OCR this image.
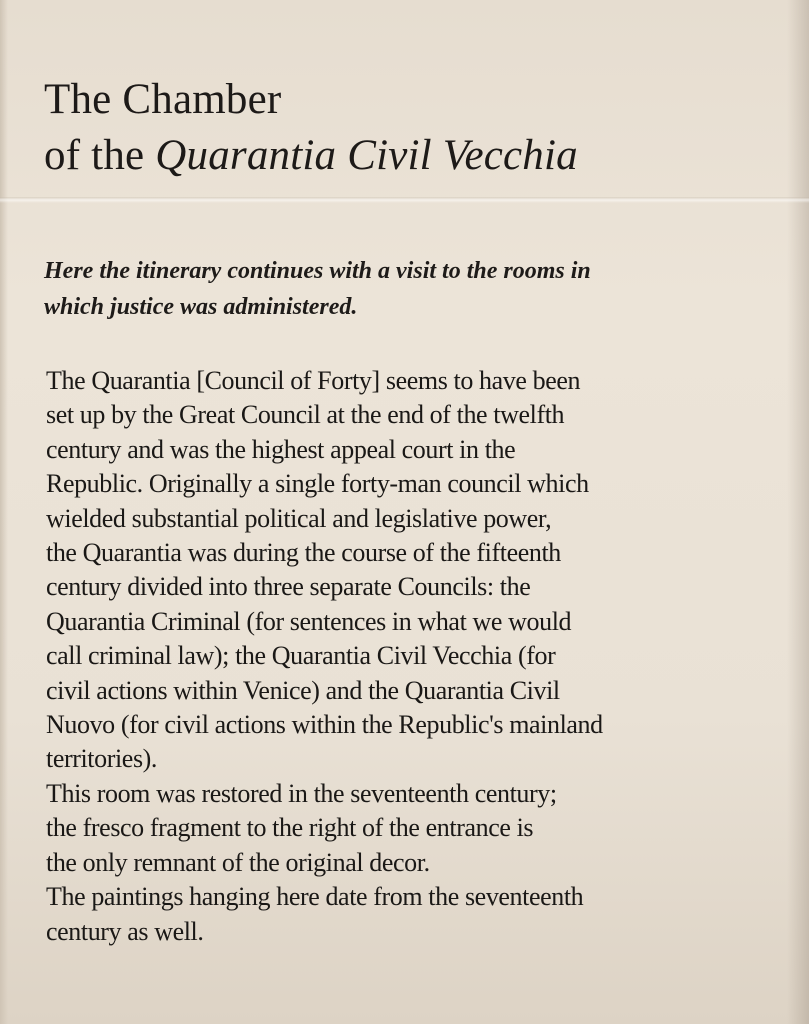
The Chamber
of the Quarantia Civil Vecchia
Here the itinerary continues with a visit to the rooms in
which justice was administered.
The Quarantia [Council of Forty] seems to have been
set up by the Great Council at the end of the twelfth
century and was the highest appeal court in the
Republic. Originally a single forty-man council which
wielded substantial political and legislative power,
the Quarantia was during the course of the fifteenth
century divided into three separate Councils: the
Quarantia Criminal (for sentences in what we would
call criminal law); the Quarantia Civil Vecchia (for
civil actions within Venice) and the Quarantia Civil
Nuovo (for civil actions within the Republic's mainland
territories).
This room was restored in the seventeenth century;
the fresco fragment to the right of the entrance is
the only remnant of the original decor.
The paintings hanging here date from the seventeenth
century as well.
